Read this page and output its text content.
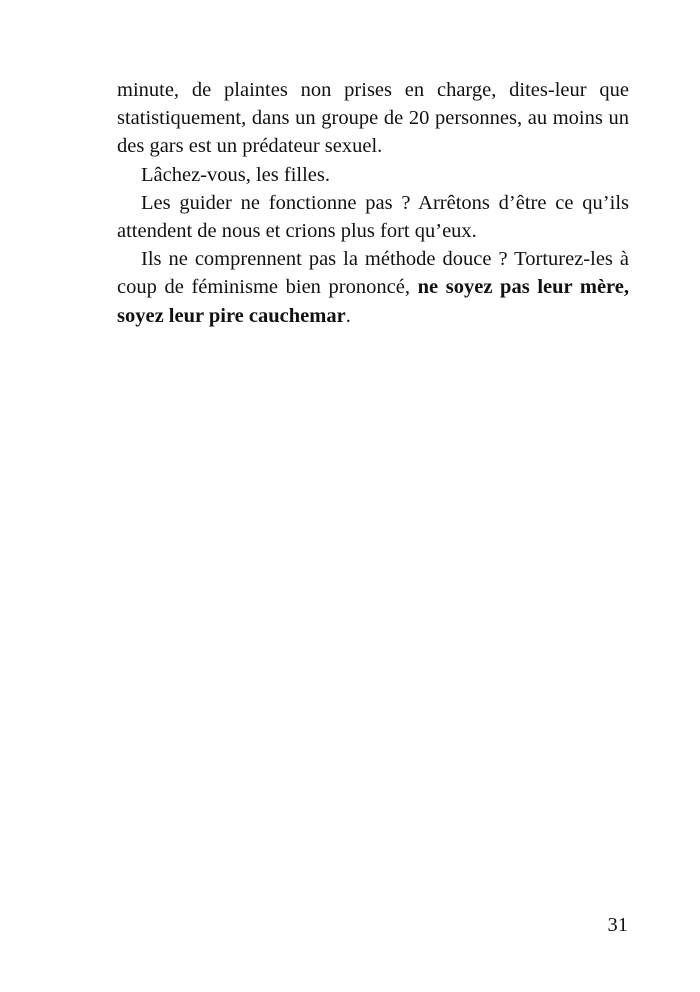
minute, de plaintes non prises en charge, dites-leur que statistiquement, dans un groupe de 20 personnes, au moins un des gars est un prédateur sexuel.

Lâchez-vous, les filles.

Les guider ne fonctionne pas ? Arrêtons d’être ce qu’ils attendent de nous et crions plus fort qu’eux.

Ils ne comprennent pas la méthode douce ? Torturez-les à coup de féminisme bien prononcé, ne soyez pas leur mère, soyez leur pire cauchemar.

31
